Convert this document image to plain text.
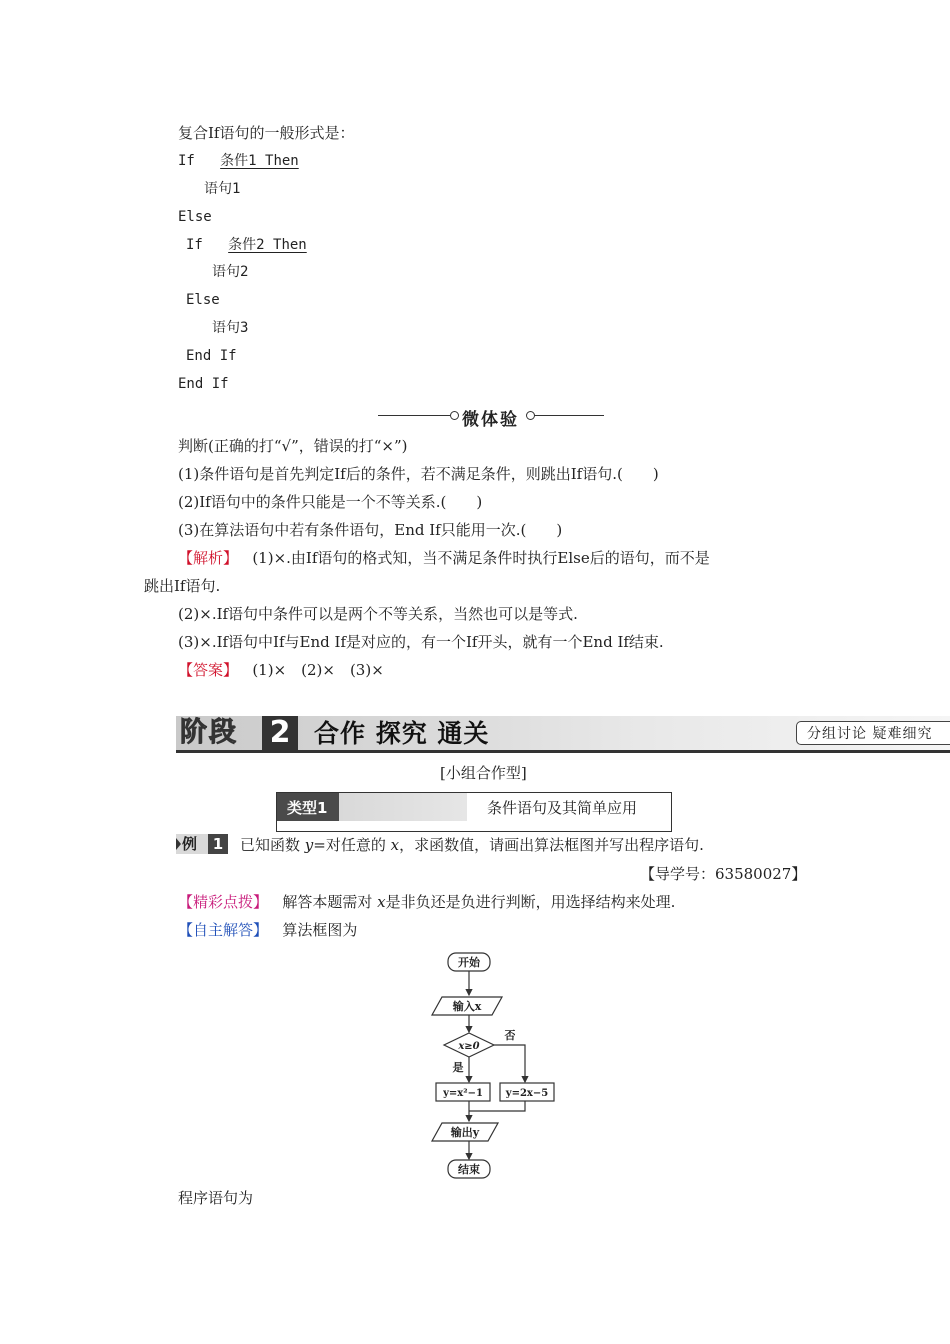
复合If语句的一般形式是：
If 条件1 Then
语句1
Else
If 条件2 Then
语句2
Else
语句3
End If
End If
微体验
判断(正确的打“√”，错误的打“×”)
(1)条件语句是首先判定If后的条件，若不满足条件，则跳出If语句.(　　)
(2)If语句中的条件只能是一个不等关系.(　　)
(3)在算法语句中若有条件语句，End If只能用一次.(　　)
【解析】 (1)×.由If语句的格式知，当不满足条件时执行Else后的语句，而不是
跳出If语句.
(2)×.If语句中条件可以是两个不等关系，当然也可以是等式.
(3)×.If语句中If与End If是对应的，有一个If开头，就有一个End If结束.
【答案】 (1)×　(2)×　(3)×
阶段 2 合作 探究 通关	分组讨论 疑难细究
[小组合作型]
类型1	条件语句及其简单应用
例	1	已知函数 y=对任意的 x，求函数值，请画出算法框图并写出程序语句.
【导学号：63580027】
【精彩点拨】 解答本题需对 x是非负还是负进行判断，用选择结构来处理.
【自主解答】 算法框图为
开始
输入x
x≥0
否
是
y=x²−1 y=2x−5
输出y
结束
程序语句为
